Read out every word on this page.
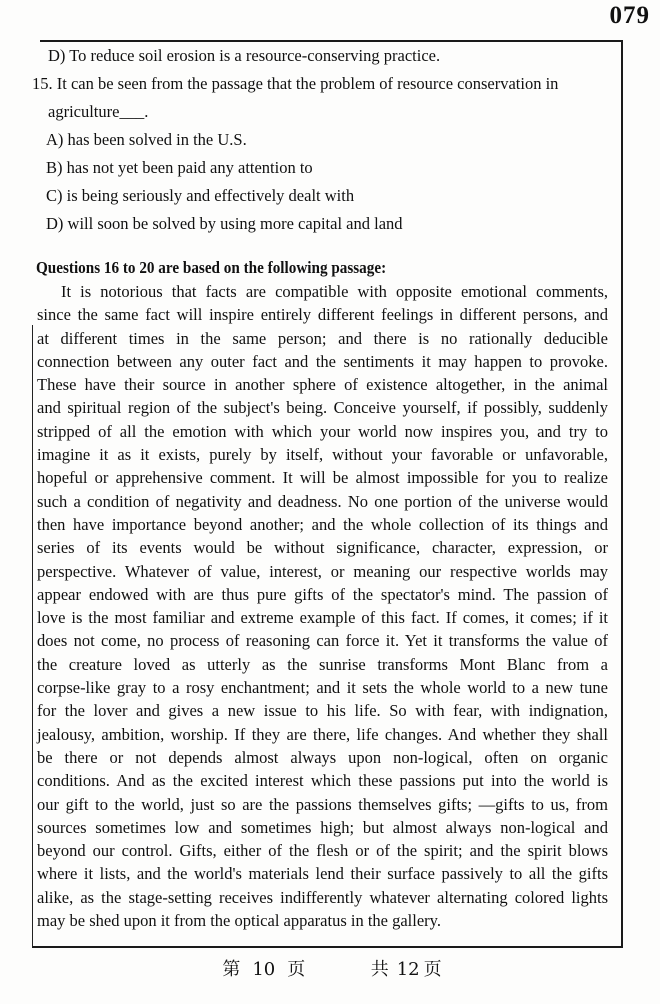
079
D) To reduce soil erosion is a resource-conserving practice.
15. It can be seen from the passage that the problem of resource conservation in
agriculture___.
A) has been solved in the U.S.
B) has not yet been paid any attention to
C) is being seriously and effectively dealt with
D) will soon be solved by using more capital and land
Questions 16 to 20 are based on the following passage:
It is notorious that facts are compatible with opposite emotional comments,
since the same fact will inspire entirely different feelings in different persons, and
at different times in the same person; and there is no rationally deducible
connection between any outer fact and the sentiments it may happen to provoke.
These have their source in another sphere of existence altogether, in the animal
and spiritual region of the subject's being. Conceive yourself, if possibly, suddenly
stripped of all the emotion with which your world now inspires you, and try to
imagine it as it exists, purely by itself, without your favorable or unfavorable,
hopeful or apprehensive comment. It will be almost impossible for you to realize
such a condition of negativity and deadness. No one portion of the universe would
then have importance beyond another; and the whole collection of its things and
series of its events would be without significance, character, expression, or
perspective. Whatever of value, interest, or meaning our respective worlds may
appear endowed with are thus pure gifts of the spectator's mind. The passion of
love is the most familiar and extreme example of this fact. If comes, it comes; if it
does not come, no process of reasoning can force it. Yet it transforms the value of
the creature loved as utterly as the sunrise transforms Mont Blanc from a
corpse-like gray to a rosy enchantment; and it sets the whole world to a new tune
for the lover and gives a new issue to his life. So with fear, with indignation,
jealousy, ambition, worship. If they are there, life changes. And whether they shall
be there or not depends almost always upon non-logical, often on organic
conditions. And as the excited interest which these passions put into the world is
our gift to the world, just so are the passions themselves gifts; —gifts to us, from
sources sometimes low and sometimes high; but almost always non-logical and
beyond our control. Gifts, either of the flesh or of the spirit; and the spirit blows
where it lists, and the world's materials lend their surface passively to all the gifts
alike, as the stage-setting receives indifferently whatever alternating colored lights
may be shed upon it from the optical apparatus in the gallery.
第 10 页	共 12 页
